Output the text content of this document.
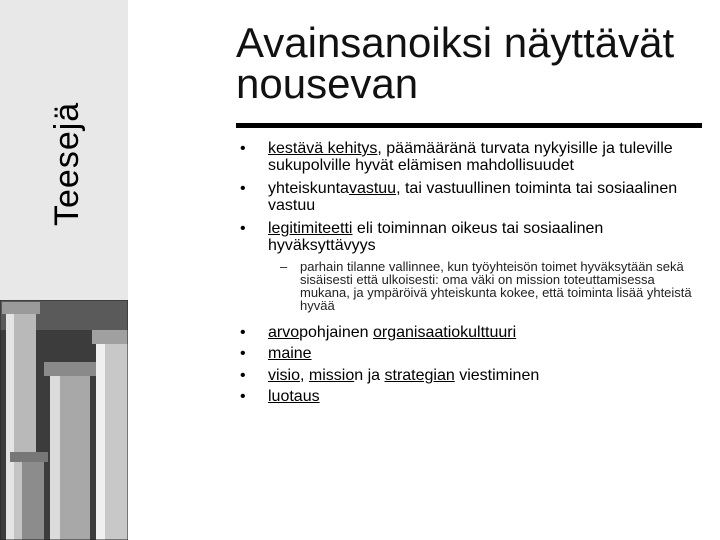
Teesejä
Avainsanoiksi näyttävät nousevan
• kestävä kehitys, päämääränä turvata nykyisille ja tuleville sukupolville hyvät elämisen mahdollisuudet
• yhteiskuntavastuu, tai vastuullinen toiminta tai sosiaalinen vastuu
• legitimiteetti eli toiminnan oikeus tai sosiaalinen hyväksyttävyys
– parhain tilanne vallinnee, kun työyhteisön toimet hyväksytään sekä sisäisesti että ulkoisesti: oma väki on mission toteuttamisessa mukana, ja ympäröivä yhteiskunta kokee, että toiminta lisää yhteistä hyvää
• arvopohjainen organisaatiokulttuuri
• maine
• visio, mission ja strategian viestiminen
• luotaus
